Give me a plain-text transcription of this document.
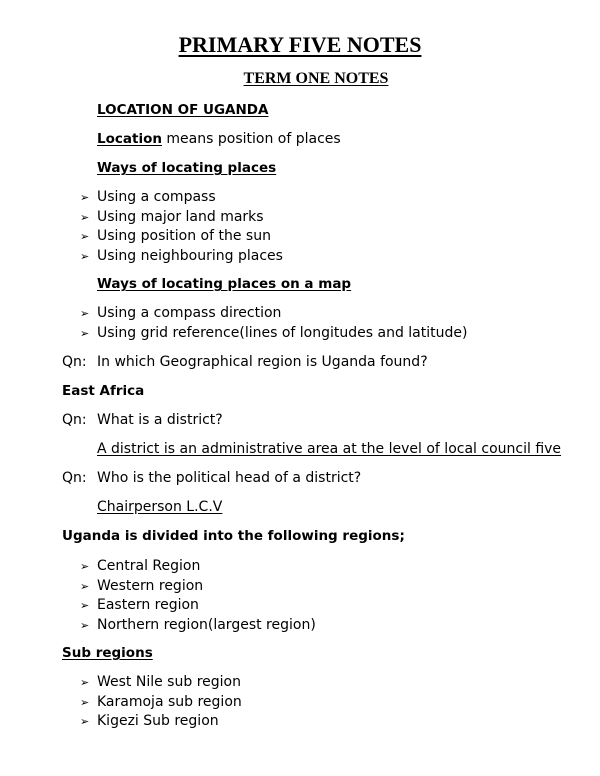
PRIMARY FIVE NOTES
TERM ONE NOTES
LOCATION OF UGANDA
Location means position of places
Ways of locating places
➢ Using a compass
➢ Using major land marks
➢ Using position of the sun
➢ Using neighbouring places
Ways of locating places on a map
➢ Using a compass direction
➢ Using grid reference(lines of longitudes and latitude)
Qn: In which Geographical region is Uganda found?
East Africa
Qn: What is a district?
A district is an administrative area at the level of local council five
Qn: Who is the political head of a district?
Chairperson L.C.V
Uganda is divided into the following regions;
➢ Central Region
➢ Western region
➢ Eastern region
➢ Northern region(largest region)
Sub regions
➢ West Nile sub region
➢ Karamoja sub region
➢ Kigezi Sub region
